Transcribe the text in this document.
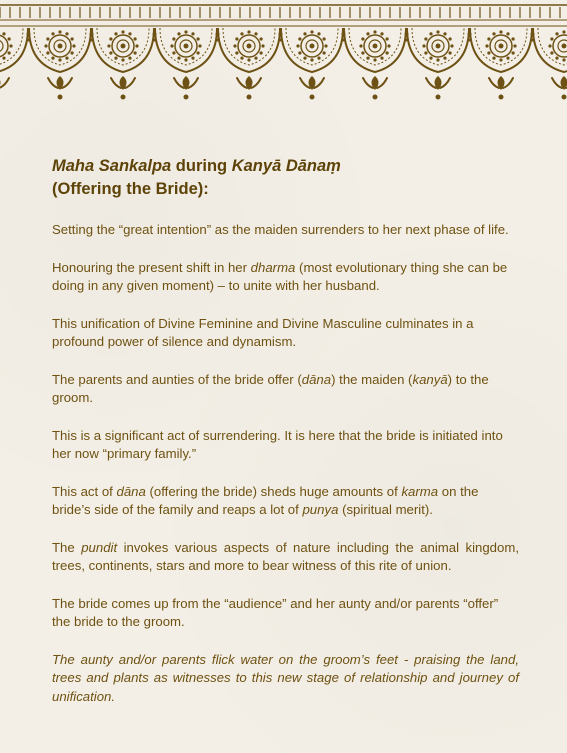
Maha Sankalpa during Kanyā Dānaṃ
(Offering the Bride):

Setting the “great intention” as the maiden surrenders to her next phase of life.

Honouring the present shift in her dharma (most evolutionary thing she can be doing in any given moment) – to unite with her husband.

This unification of Divine Feminine and Divine Masculine culminates in a profound power of silence and dynamism.

The parents and aunties of the bride offer (dāna) the maiden (kanyā) to the groom.

This is a significant act of surrendering. It is here that the bride is initiated into her now “primary family.”

This act of dāna (offering the bride) sheds huge amounts of karma on the bride’s side of the family and reaps a lot of punya (spiritual merit).

The pundit invokes various aspects of nature including the animal kingdom, trees, continents, stars and more to bear witness of this rite of union.

The bride comes up from the “audience” and her aunty and/or parents “offer” the bride to the groom.

The aunty and/or parents flick water on the groom’s feet - praising the land, trees and plants as witnesses to this new stage of relationship and journey of unification.
